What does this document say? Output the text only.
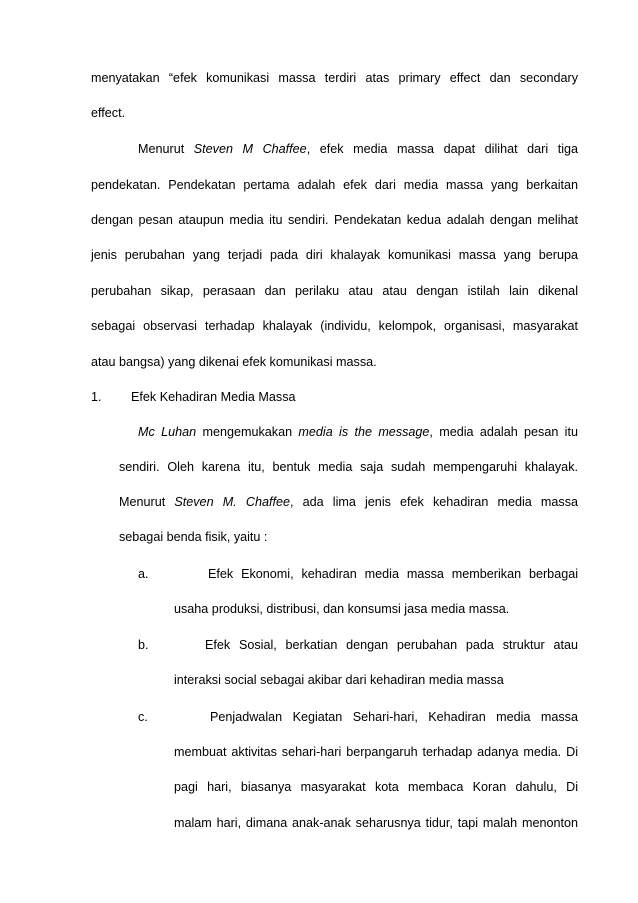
menyatakan “efek komunikasi massa terdiri atas primary effect dan secondary
effect.
Menurut Steven M Chaffee, efek media massa dapat dilihat dari tiga
pendekatan. Pendekatan pertama adalah efek dari media massa yang berkaitan
dengan pesan ataupun media itu sendiri. Pendekatan kedua adalah dengan melihat
jenis perubahan yang terjadi pada diri khalayak komunikasi massa yang berupa
perubahan sikap, perasaan dan perilaku atau atau dengan istilah lain dikenal
sebagai observasi terhadap khalayak (individu, kelompok, organisasi, masyarakat
atau bangsa) yang dikenai efek komunikasi massa.
1. Efek Kehadiran Media Massa
Mc Luhan mengemukakan media is the message, media adalah pesan itu
sendiri. Oleh karena itu, bentuk media saja sudah mempengaruhi khalayak.
Menurut Steven M. Chaffee, ada lima jenis efek kehadiran media massa
sebagai benda fisik, yaitu :
a.	Efek Ekonomi, kehadiran media massa memberikan berbagai
usaha produksi, distribusi, dan konsumsi jasa media massa.
b.	Efek Sosial, berkatian dengan perubahan pada struktur atau
interaksi social sebagai akibar dari kehadiran media massa
c.	Penjadwalan Kegiatan Sehari-hari, Kehadiran media massa
membuat aktivitas sehari-hari berpangaruh terhadap adanya media. Di
pagi hari, biasanya masyarakat kota membaca Koran dahulu, Di
malam hari, dimana anak-anak seharusnya tidur, tapi malah menonton
